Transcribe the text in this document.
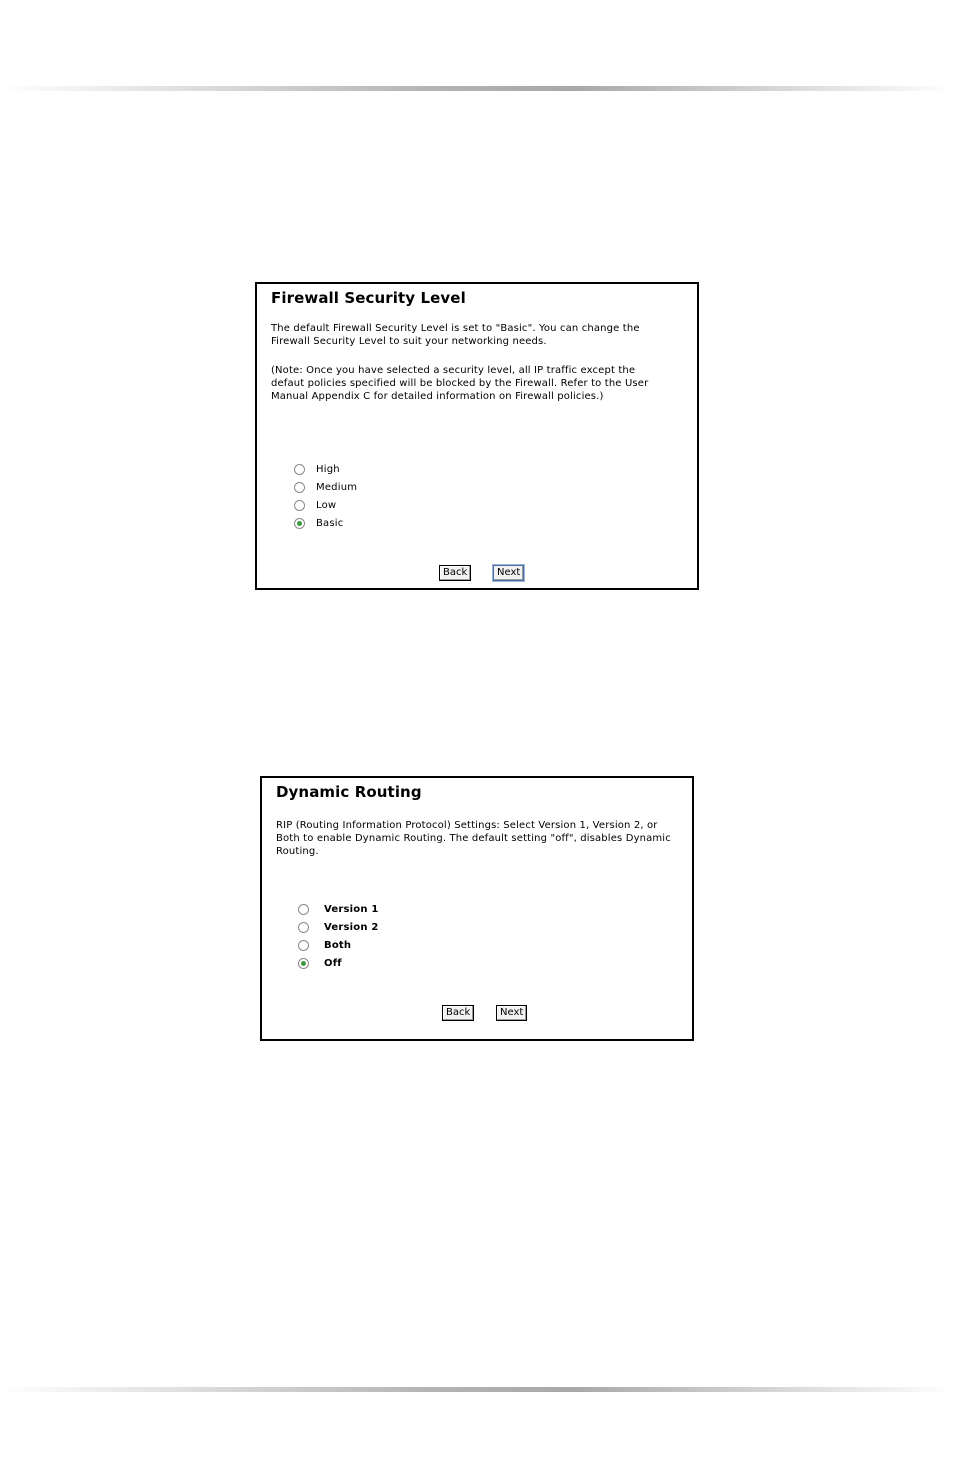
Firewall Security Level

The default Firewall Security Level is set to "Basic". You can change the
Firewall Security Level to suit your networking needs.

(Note: Once you have selected a security level, all IP traffic except the
defaut policies specified will be blocked by the Firewall. Refer to the User
Manual Appendix C for detailed information on Firewall policies.)

High
Medium
Low
Basic
Back	Next
Dynamic Routing

RIP (Routing Information Protocol) Settings: Select Version 1, Version 2, or
Both to enable Dynamic Routing. The default setting "off", disables Dynamic
Routing.

Version 1
Version 2
Both
Off
Back	Next
